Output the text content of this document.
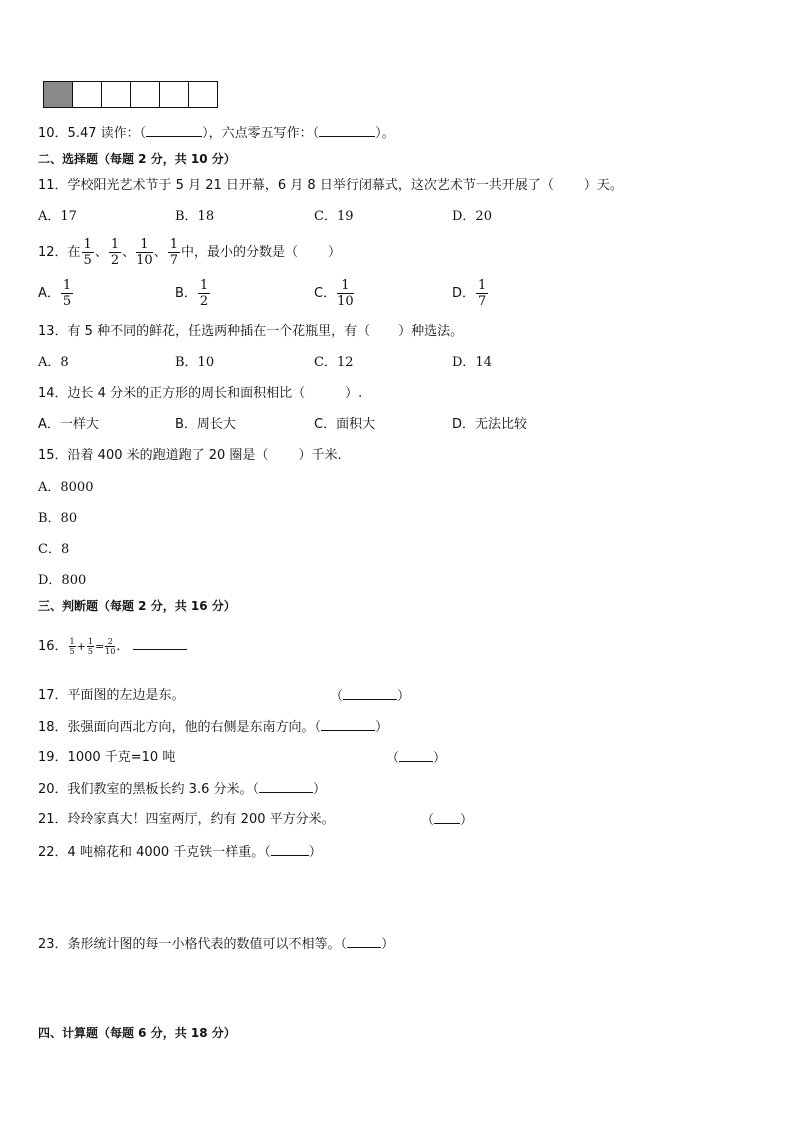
10．5.47 读作：（	），六点零五写作：（	）。
二、选择题（每题 2 分，共 10 分）
11．学校阳光艺术节于 5 月 21 日开幕，6 月 8 日举行闭幕式，这次艺术节一共开展了（ ）天。
A．17	B．18	C．19	D．20
12．在 $\frac{1}{5}$ 、 $\frac{1}{2}$ 、 $\frac{1}{10}$ 、 $\frac{1}{7}$ 中，最小的分数是（ ）
A． $\frac{1}{5}$	B． $\frac{1}{2}$	C． $\frac{1}{10}$	D． $\frac{1}{7}$
13．有 5 种不同的鲜花，任选两种插在一个花瓶里，有（ ）种选法。
A．8	B．10	C．12	D．14
14．边长 4 分米的正方形的周长和面积相比（	）.
A．一样大	B．周长大	C．面积大	D．无法比较
15．沿着 400 米的跑道跑了 20 圈是（ ）千米.
A．8000
B．80
C．8
D．800
三、判断题（每题 2 分，共 16 分）
16． $\frac{1}{5} + \frac{1}{5} = \frac{2}{10}$ ．
17．平面图的左边是东。	（	）
18．张强面向西北方向，他的右侧是东南方向。（	）
19．1000 千克=10 吨	（	）
20．我们教室的黑板长约 3.6 分米。（	）
21．玲玲家真大！四室两厅，约有 200 平方分米。	（ ）
22．4 吨棉花和 4000 千克铁一样重。（	）
23．条形统计图的每一小格代表的数值可以不相等。（	）
四、计算题（每题 6 分，共 18 分）
